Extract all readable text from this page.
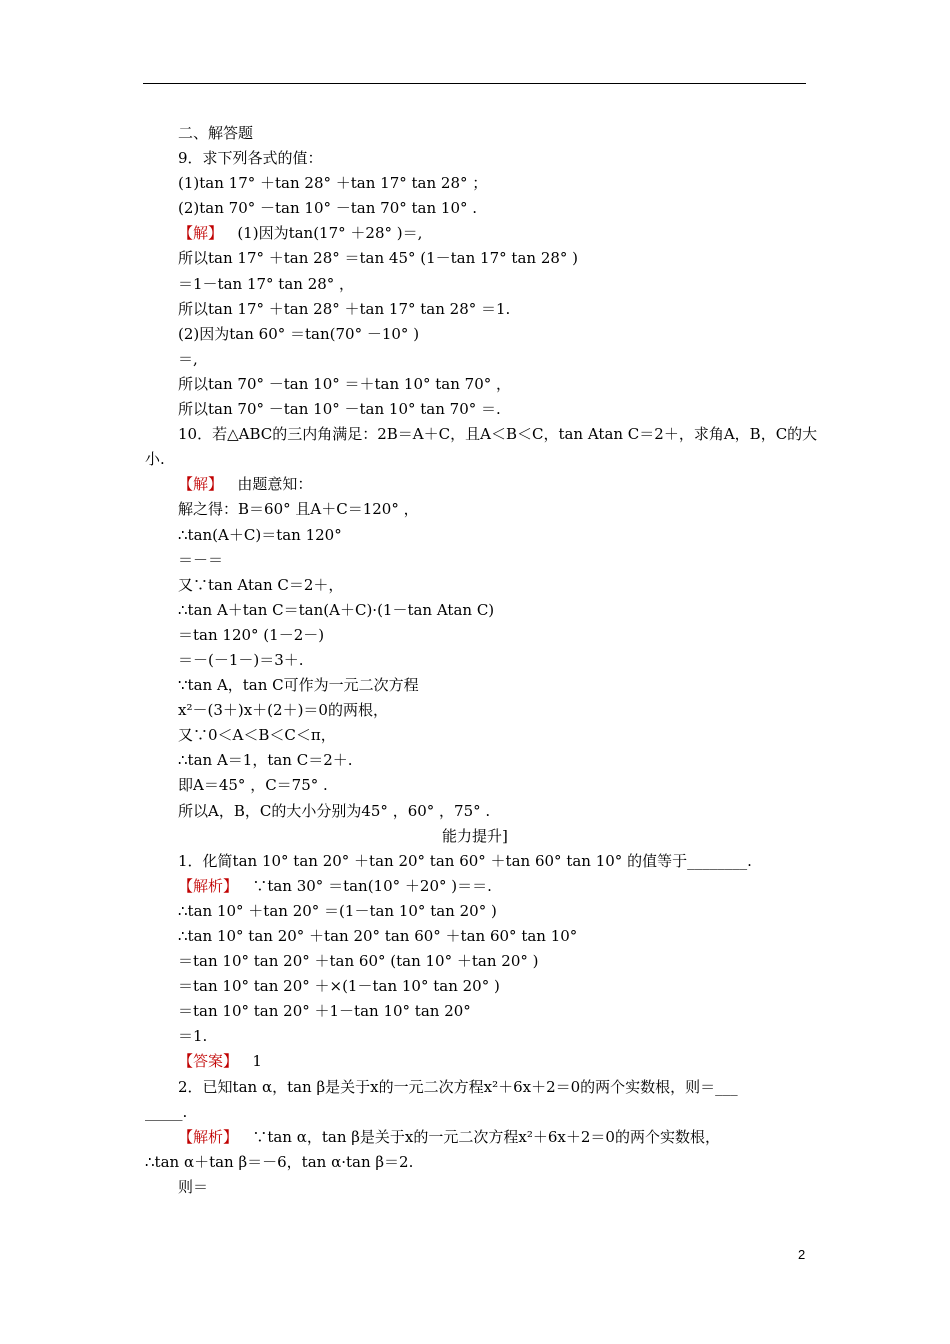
二、解答题
9．求下列各式的值：
(1)tan 17° ＋tan 28° ＋tan 17° tan 28° ；
(2)tan 70° －tan 10° －tan 70° tan 10° .
【解】   (1)因为tan(17° ＋28° )＝,
所以tan 17° ＋tan 28° ＝tan 45° (1－tan 17° tan 28° )
＝1－tan 17° tan 28° ，
所以tan 17° ＋tan 28° ＋tan 17° tan 28° ＝1.
(2)因为tan 60° ＝tan(70° －10° )
＝,
所以tan 70° －tan 10° ＝＋tan 10° tan 70° ，
所以tan 70° －tan 10° －tan 10° tan 70° ＝.
10．若△ABC的三内角满足：2B＝A＋C，且A＜B＜C，tan Atan C＝2＋，求角A，B，C的大
小.
【解】   由题意知：
解之得：B＝60° 且A＋C＝120° ，
∴tan(A＋C)＝tan 120°
＝－＝
又∵tan Atan C＝2＋，
∴tan A＋tan C＝tan(A＋C)·(1－tan Atan C)
＝tan 120° (1－2－)
＝－(－1－)＝3＋.
∵tan A，tan C可作为一元二次方程
x²－(3＋)x＋(2＋)＝0的两根，
又∵0＜A＜B＜C＜π，
∴tan A＝1，tan C＝2＋.
即A＝45° ，C＝75° .
所以A，B，C的大小分别为45° ，60° ，75° .
能力提升]
1．化简tan 10° tan 20° ＋tan 20° tan 60° ＋tan 60° tan 10° 的值等于________.
【解析】   ∵tan 30° ＝tan(10° ＋20° )＝＝.
∴tan 10° ＋tan 20° ＝(1－tan 10° tan 20° )
∴tan 10° tan 20° ＋tan 20° tan 60° ＋tan 60° tan 10°
＝tan 10° tan 20° ＋tan 60° (tan 10° ＋tan 20° )
＝tan 10° tan 20° ＋×(1－tan 10° tan 20° )
＝tan 10° tan 20° ＋1－tan 10° tan 20°
＝1.
【答案】   1
2．已知tan α，tan β是关于x的一元二次方程x²＋6x＋2＝0的两个实数根，则＝___
_____.
【解析】   ∵tan α，tan β是关于x的一元二次方程x²＋6x＋2＝0的两个实数根，
∴tan α＋tan β＝－6，tan α·tan β＝2.
则＝
2
